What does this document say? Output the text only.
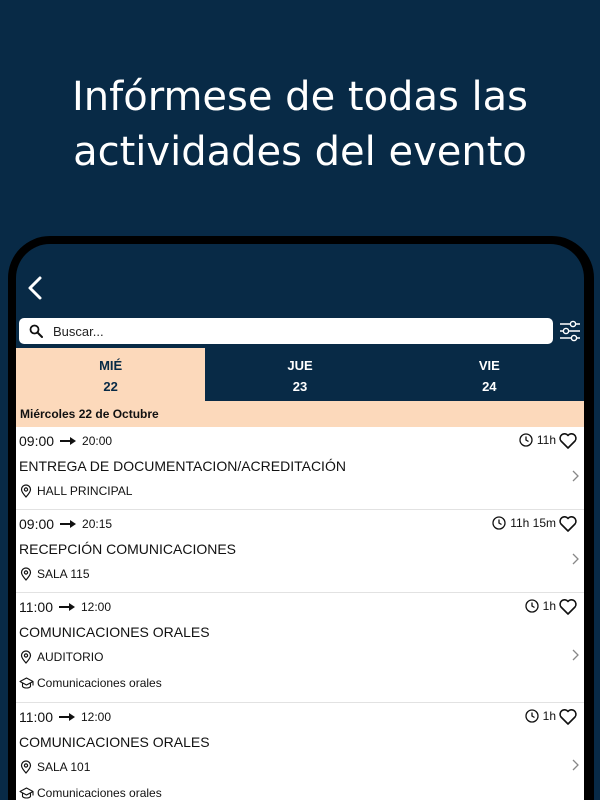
Infórmese de todas las
actividades del evento
Buscar...
MIÉ
22
JUE
23
VIE
24
Miércoles 22 de Octubre
09:00 20:00	11h
ENTREGA DE DOCUMENTACION/ACREDITACIÓN
HALL PRINCIPAL
09:00 20:15	11h 15m
RECEPCIÓN COMUNICACIONES
SALA 115
11:00 12:00	1h
COMUNICACIONES ORALES
AUDITORIO
Comunicaciones orales
11:00 12:00	1h
COMUNICACIONES ORALES
SALA 101
Comunicaciones orales
